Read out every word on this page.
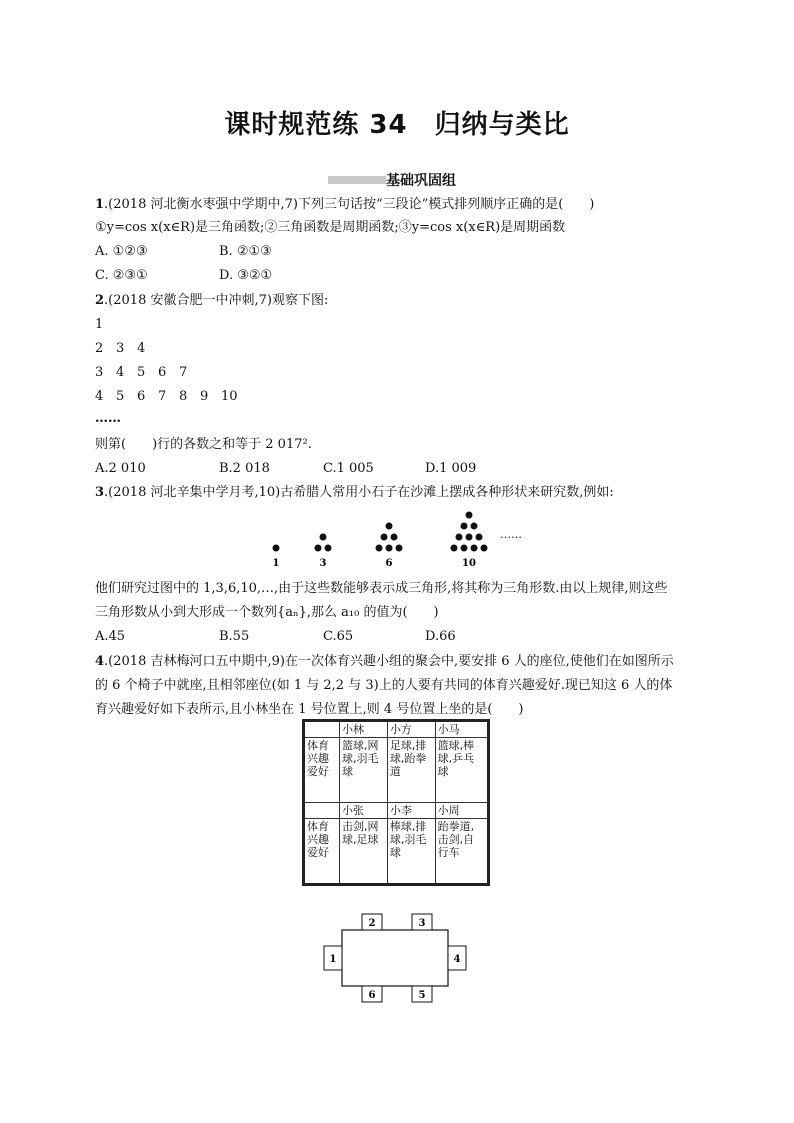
课时规范练 34　归纳与类比
基础巩固组
1.(2018 河北衡水枣强中学期中,7)下列三句话按“三段论”模式排列顺序正确的是(　　)
①y=cos x(x∈R)是三角函数;②三角函数是周期函数;③y=cos x(x∈R)是周期函数
A. ①②③	B. ②①③
C. ②③①	D. ③②①
2.(2018 安徽合肥一中冲刺,7)观察下图:
1
2 3 4
3 4 5 6 7
4 5 6 7 8 9 10
……
则第(　　)行的各数之和等于 2 017².
A.2 010	B.2 018	C.1 005	D.1 009
3.(2018 河北辛集中学月考,10)古希腊人常用小石子在沙滩上摆成各种形状来研究数,例如:
1	3	6	10
……
他们研究过图中的 1,3,6,10,…,由于这些数能够表示成三角形,将其称为三角形数.由以上规律,则这些
三角形数从小到大形成一个数列{aₙ},那么 a₁₀ 的值为(　　)
A.45	B.55	C.65	D.66
4.(2018 吉林梅河口五中期中,9)在一次体育兴趣小组的聚会中,要安排 6 人的座位,使他们在如图所示
的 6 个椅子中就座,且相邻座位(如 1 与 2,2 与 3)上的人要有共同的体育兴趣爱好.现已知这 6 人的体
育兴趣爱好如下表所示,且小林坐在 1 号位置上,则 4 号位置上坐的是(　　)
	小林	小方	小马
体育兴趣爱好	篮球,网球,羽毛球	足球,排球,跆拳道	篮球,棒球,乒乓球
	小张	小李	小周
体育兴趣爱好	击剑,网球,足球	棒球,排球,羽毛球	跆拳道,击剑,自行车
1
2	3
4
5
6
